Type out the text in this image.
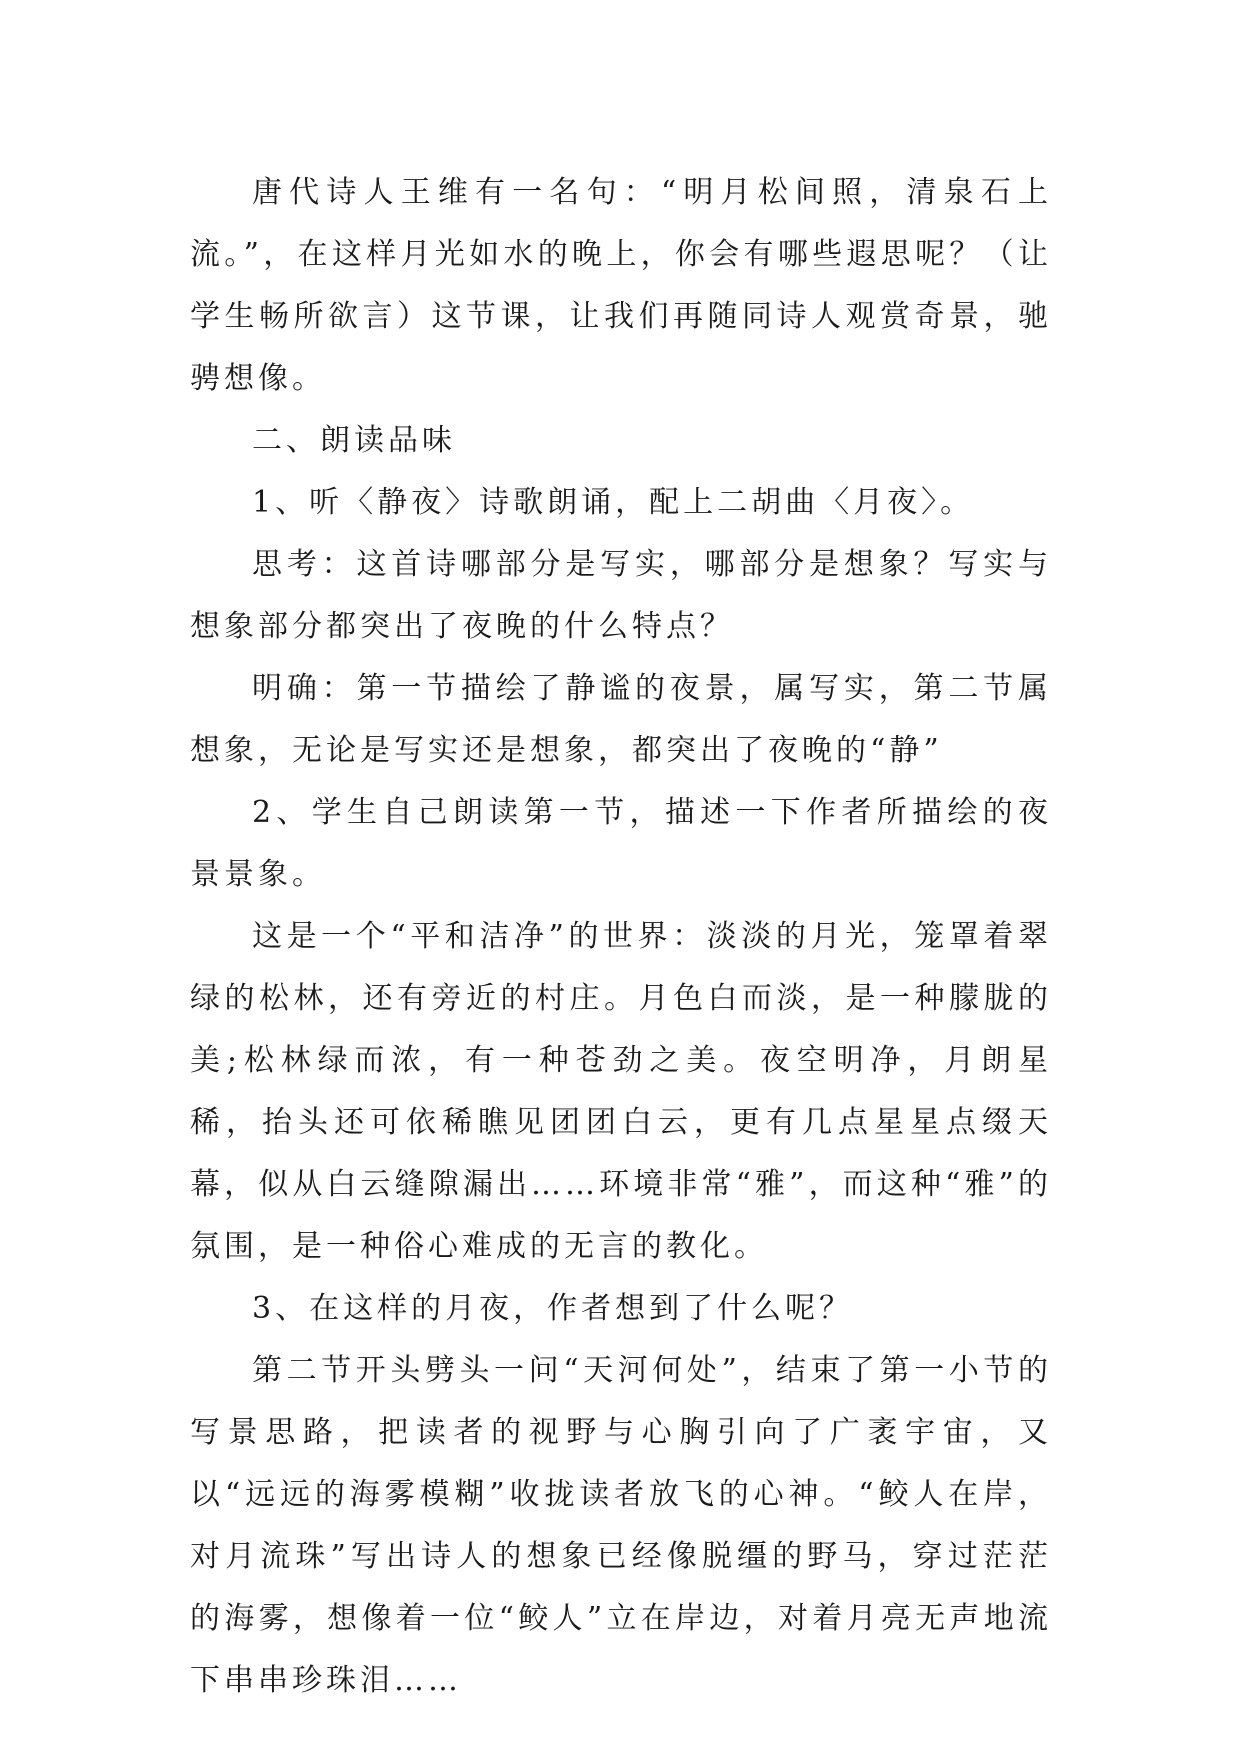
唐代诗人王维有一名句：“明月松间照，清泉石上流。”，在这样月光如水的晚上，你会有哪些遐思呢？（让学生畅所欲言）这节课，让我们再随同诗人观赏奇景，驰骋想像。

二、朗读品味

1、听〈静夜〉诗歌朗诵，配上二胡曲〈月夜〉。

思考：这首诗哪部分是写实，哪部分是想象？写实与想象部分都突出了夜晚的什么特点？

明确：第一节描绘了静谧的夜景，属写实，第二节属想象，无论是写实还是想象，都突出了夜晚的“静”

2、学生自己朗读第一节，描述一下作者所描绘的夜景景象。

这是一个“平和洁净”的世界：淡淡的月光，笼罩着翠绿的松林，还有旁近的村庄。月色白而淡，是一种朦胧的美;松林绿而浓，有一种苍劲之美。夜空明净，月朗星稀，抬头还可依稀瞧见团团白云，更有几点星星点缀天幕，似从白云缝隙漏出……环境非常“雅”，而这种“雅”的氛围，是一种俗心难成的无言的教化。

3、在这样的月夜，作者想到了什么呢？

第二节开头劈头一问“天河何处”，结束了第一小节的写景思路，把读者的视野与心胸引向了广袤宇宙，又以“远远的海雾模糊”收拢读者放飞的心神。“鲛人在岸，对月流珠”写出诗人的想象已经像脱缰的野马，穿过茫茫的海雾，想像着一位“鲛人”立在岸边，对着月亮无声地流下串串珍珠泪……
